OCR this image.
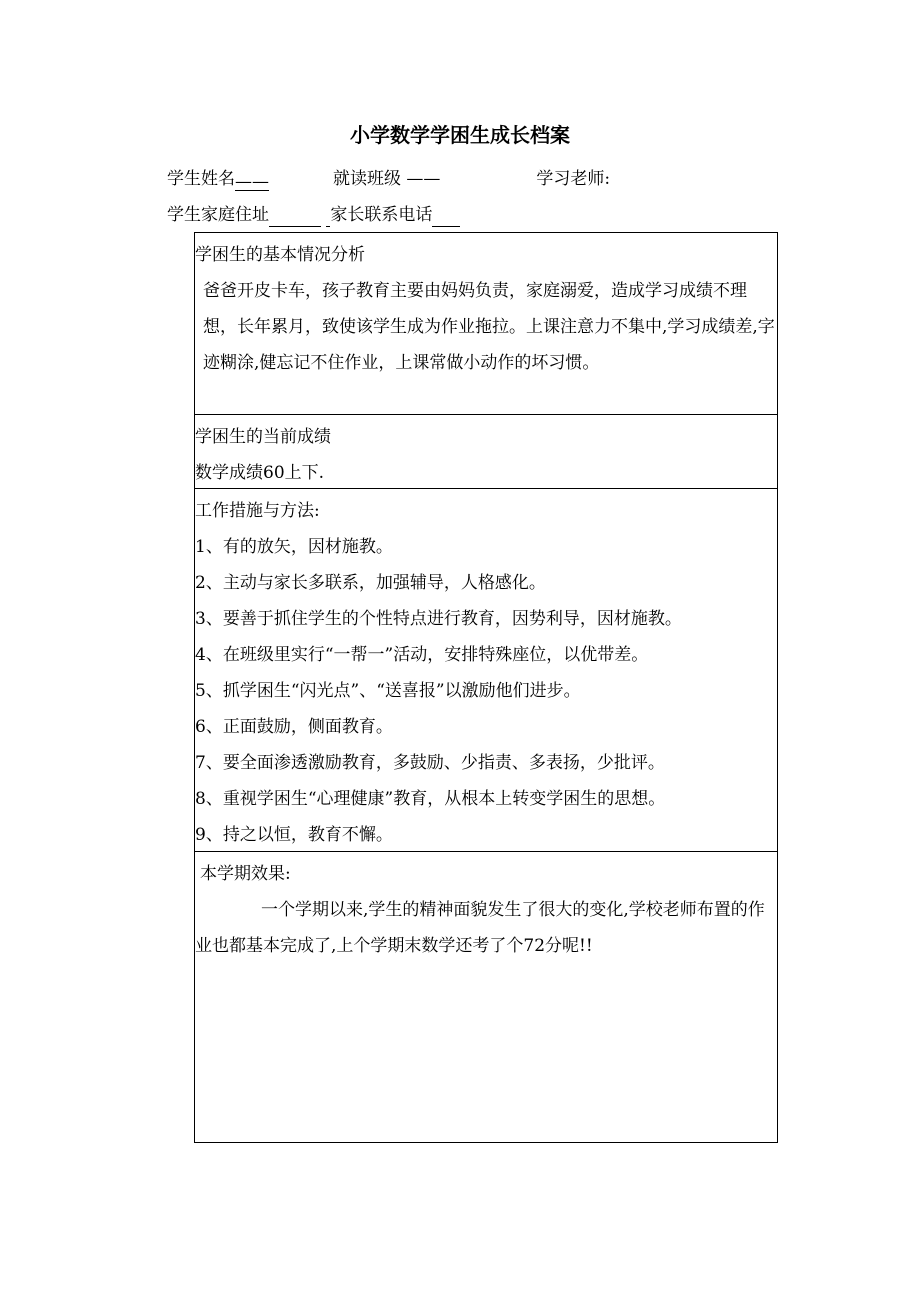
小学数学学困生成长档案
学生姓名——	就读班级 ——	学习老师:
学生家庭住址	家长联系电话
学困生的基本情况分析
爸爸开皮卡车，孩子教育主要由妈妈负责，家庭溺爱，造成学习成绩不理想，长年累月，致使该学生成为作业拖拉。上课注意力不集中,学习成绩差,字迹糊涂,健忘记不住作业，上课常做小动作的坏习惯。
学困生的当前成绩
数学成绩60上下.
工作措施与方法:
1、有的放矢，因材施教。
2、主动与家长多联系，加强辅导，人格感化。
3、要善于抓住学生的个性特点进行教育，因势利导，因材施教。
4、在班级里实行“一帮一”活动，安排特殊座位，以优带差。
5、抓学困生“闪光点”、“送喜报”以激励他们进步。
6、正面鼓励，侧面教育。
7、要全面渗透激励教育，多鼓励、少指责、多表扬，少批评。
8、重视学困生“心理健康”教育，从根本上转变学困生的思想。
9、持之以恒，教育不懈。
本学期效果:
一个学期以来,学生的精神面貌发生了很大的变化,学校老师布置的作业也都基本完成了,上个学期末数学还考了个72分呢!!
